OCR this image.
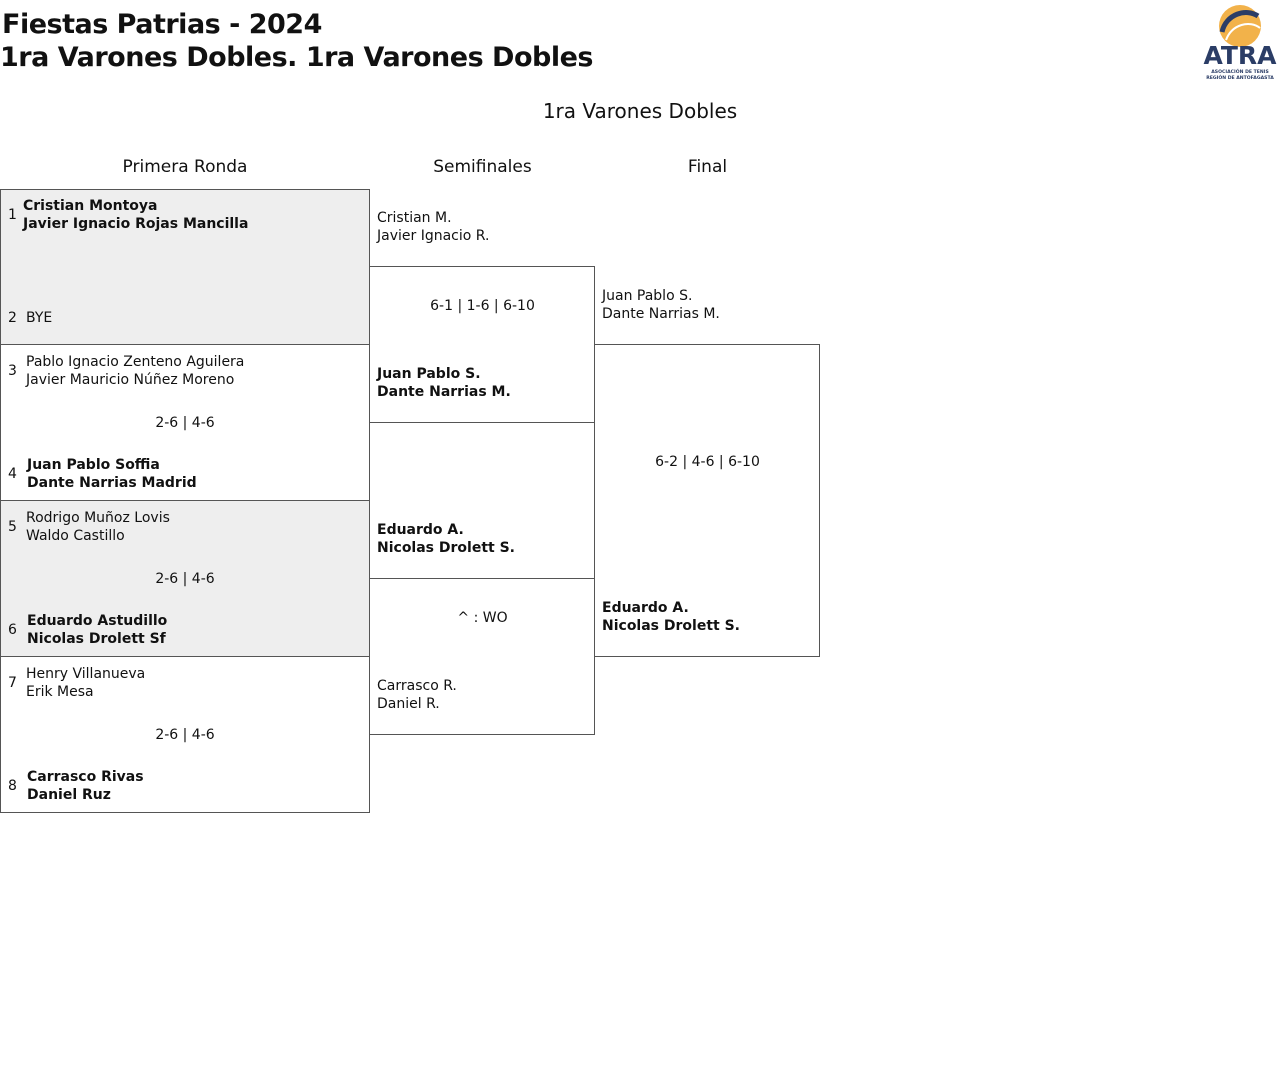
Fiestas Patrias - 2024
1ra Varones Dobles. 1ra Varones Dobles	ATRA
ASOCIACIÓN DE TENIS
REGIÓN DE ANTOFAGASTA
1ra Varones Dobles
Primera Ronda	Semifinales	Final
1
Cristian Montoya
Javier Ignacio Rojas Mancilla
2 BYE
3
Pablo Ignacio Zenteno Aguilera
Javier Mauricio Núñez Moreno
2-6 | 4-6
4
Juan Pablo Soffia
Dante Narrias Madrid
5
Rodrigo Muñoz Lovis
Waldo Castillo
2-6 | 4-6
6
Eduardo Astudillo
Nicolas Drolett Sf
7
Henry Villanueva
Erik Mesa
2-6 | 4-6
8
Carrasco Rivas
Daniel Ruz
Cristian M.
Javier Ignacio R.
6-1 | 1-6 | 6-10
Juan Pablo S.
Dante Narrias M.
Eduardo A.
Nicolas Drolett S.
^ : WO
Carrasco R.
Daniel R.
Juan Pablo S.
Dante Narrias M.
6-2 | 4-6 | 6-10
Eduardo A.
Nicolas Drolett S.
